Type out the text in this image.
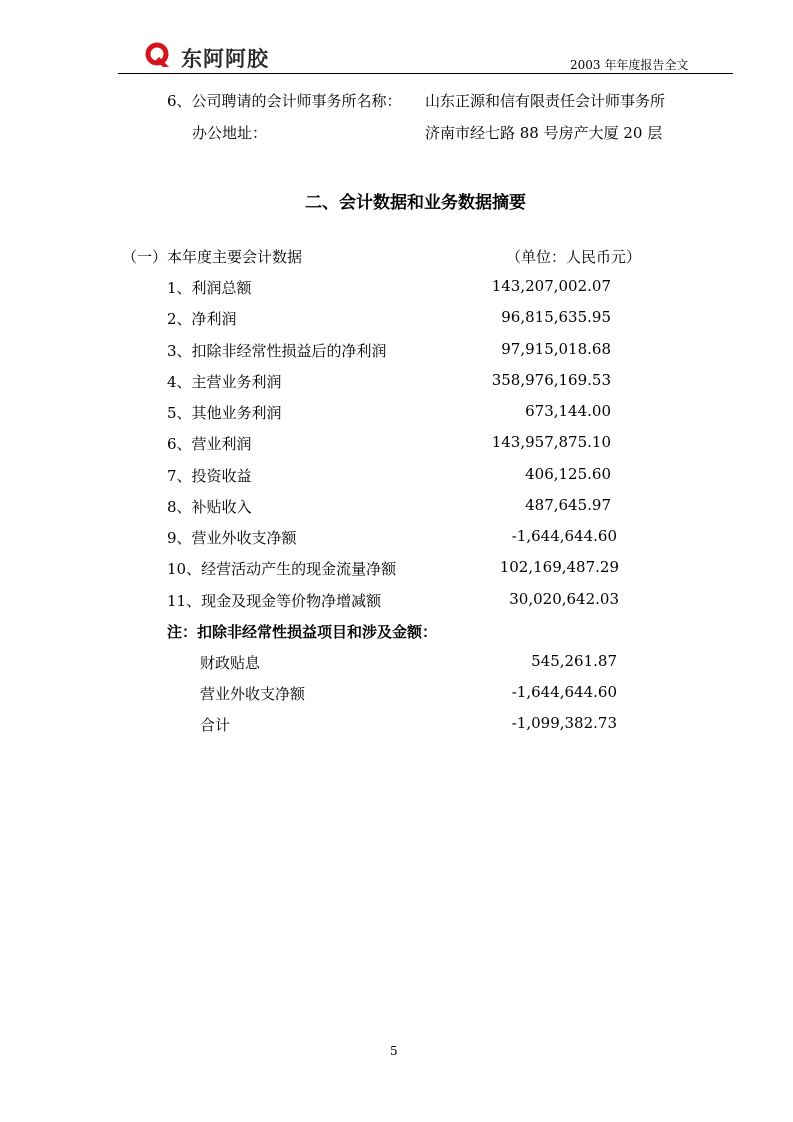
东阿阿胶	2003 年年度报告全文
6、公司聘请的会计师事务所名称： 山东正源和信有限责任会计师事务所
办公地址：	济南市经七路 88 号房产大厦 20 层
二、会计数据和业务数据摘要
（一）本年度主要会计数据	（单位：人民币元）
1、利润总额	143,207,002.07
2、净利润	96,815,635.95
3、扣除非经常性损益后的净利润	97,915,018.68
4、主营业务利润	358,976,169.53
5、其他业务利润	673,144.00
6、营业利润	143,957,875.10
7、投资收益	406,125.60
8、补贴收入	487,645.97
9、营业外收支净额	-1,644,644.60
10、经营活动产生的现金流量净额	102,169,487.29
11、现金及现金等价物净增减额	30,020,642.03
注：扣除非经常性损益项目和涉及金额：
财政贴息	545,261.87
营业外收支净额	-1,644,644.60
合计	-1,099,382.73
5
